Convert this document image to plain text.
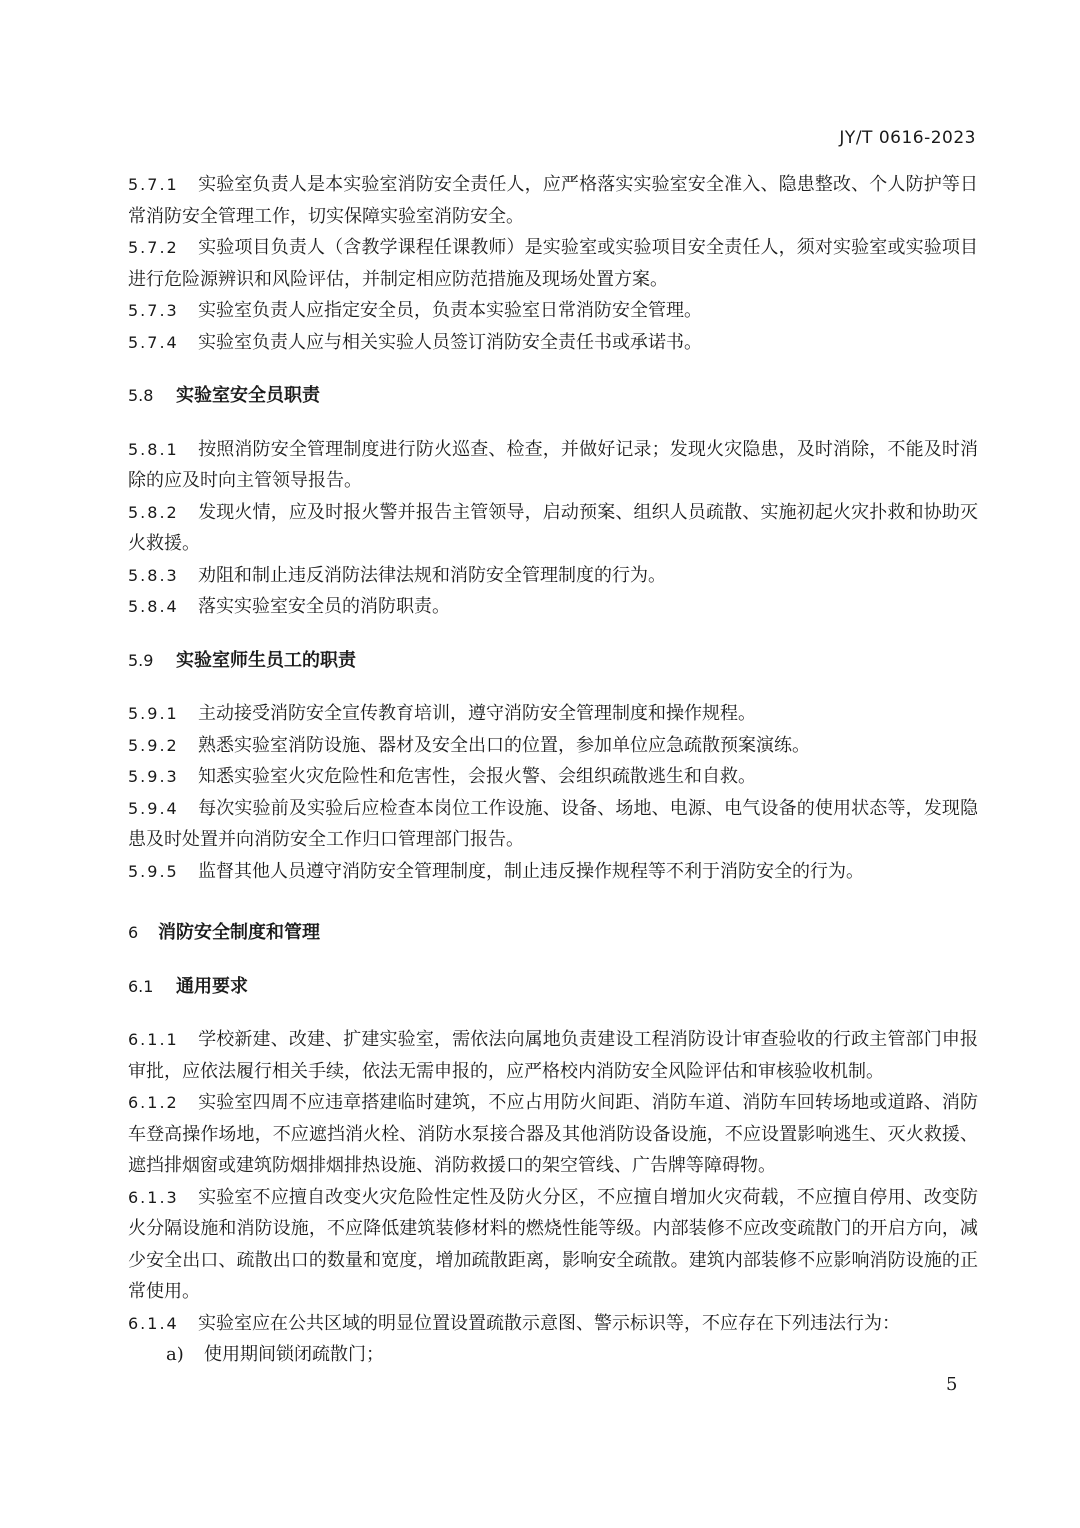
JY/T 0616-2023

5.7.1 实验室负责人是本实验室消防安全责任人，应严格落实实验室安全准入、隐患整改、个人防护等日常消防安全管理工作，切实保障实验室消防安全。

5.7.2 实验项目负责人（含教学课程任课教师）是实验室或实验项目安全责任人，须对实验室或实验项目进行危险源辨识和风险评估，并制定相应防范措施及现场处置方案。

5.7.3 实验室负责人应指定安全员，负责本实验室日常消防安全管理。

5.7.4 实验室负责人应与相关实验人员签订消防安全责任书或承诺书。

5.8 实验室安全员职责

5.8.1 按照消防安全管理制度进行防火巡查、检查，并做好记录；发现火灾隐患，及时消除，不能及时消除的应及时向主管领导报告。

5.8.2 发现火情，应及时报火警并报告主管领导，启动预案、组织人员疏散、实施初起火灾扑救和协助灭火救援。

5.8.3 劝阻和制止违反消防法律法规和消防安全管理制度的行为。

5.8.4 落实实验室安全员的消防职责。

5.9 实验室师生员工的职责

5.9.1 主动接受消防安全宣传教育培训，遵守消防安全管理制度和操作规程。

5.9.2 熟悉实验室消防设施、器材及安全出口的位置，参加单位应急疏散预案演练。

5.9.3 知悉实验室火灾危险性和危害性，会报火警、会组织疏散逃生和自救。

5.9.4 每次实验前及实验后应检查本岗位工作设施、设备、场地、电源、电气设备的使用状态等，发现隐患及时处置并向消防安全工作归口管理部门报告。

5.9.5 监督其他人员遵守消防安全管理制度，制止违反操作规程等不利于消防安全的行为。

6 消防安全制度和管理

6.1 通用要求

6.1.1 学校新建、改建、扩建实验室，需依法向属地负责建设工程消防设计审查验收的行政主管部门申报审批，应依法履行相关手续，依法无需申报的，应严格校内消防安全风险评估和审核验收机制。

6.1.2 实验室四周不应违章搭建临时建筑，不应占用防火间距、消防车道、消防车回转场地或道路、消防车登高操作场地，不应遮挡消火栓、消防水泵接合器及其他消防设备设施，不应设置影响逃生、灭火救援、遮挡排烟窗或建筑防烟排烟排热设施、消防救援口的架空管线、广告牌等障碍物。

6.1.3 实验室不应擅自改变火灾危险性定性及防火分区，不应擅自增加火灾荷载，不应擅自停用、改变防火分隔设施和消防设施，不应降低建筑装修材料的燃烧性能等级。内部装修不应改变疏散门的开启方向，减少安全出口、疏散出口的数量和宽度，增加疏散距离，影响安全疏散。建筑内部装修不应影响消防设施的正常使用。

6.1.4 实验室应在公共区域的明显位置设置疏散示意图、警示标识等，不应存在下列违法行为：

a) 使用期间锁闭疏散门；

5
